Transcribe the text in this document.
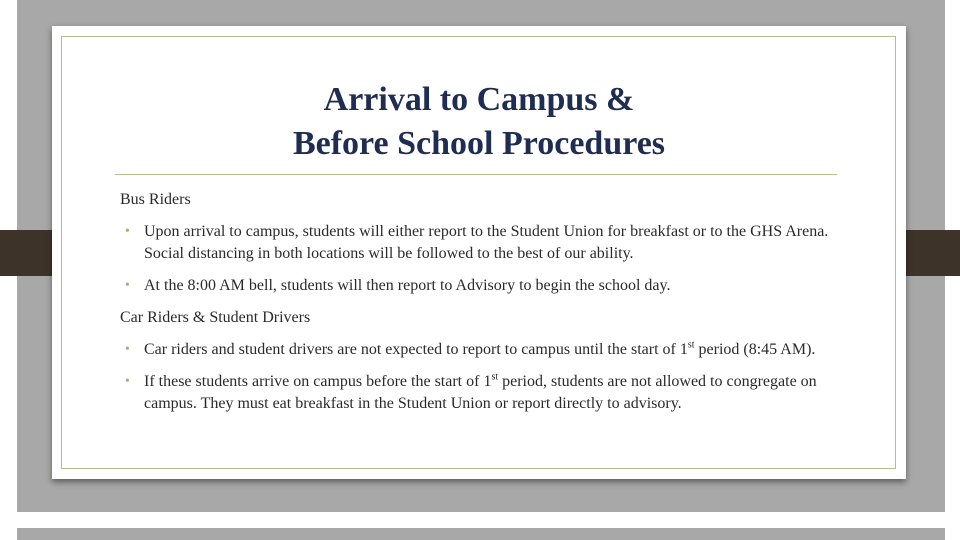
Arrival to Campus &
Before School Procedures
Bus Riders
• Upon arrival to campus, students will either report to the Student Union for breakfast or to the GHS Arena. Social distancing in both locations will be followed to the best of our ability.
• At the 8:00 AM bell, students will then report to Advisory to begin the school day.
Car Riders & Student Drivers
• Car riders and student drivers are not expected to report to campus until the start of 1st period (8:45 AM).
• If these students arrive on campus before the start of 1st period, students are not allowed to congregate on campus. They must eat breakfast in the Student Union or report directly to advisory.
